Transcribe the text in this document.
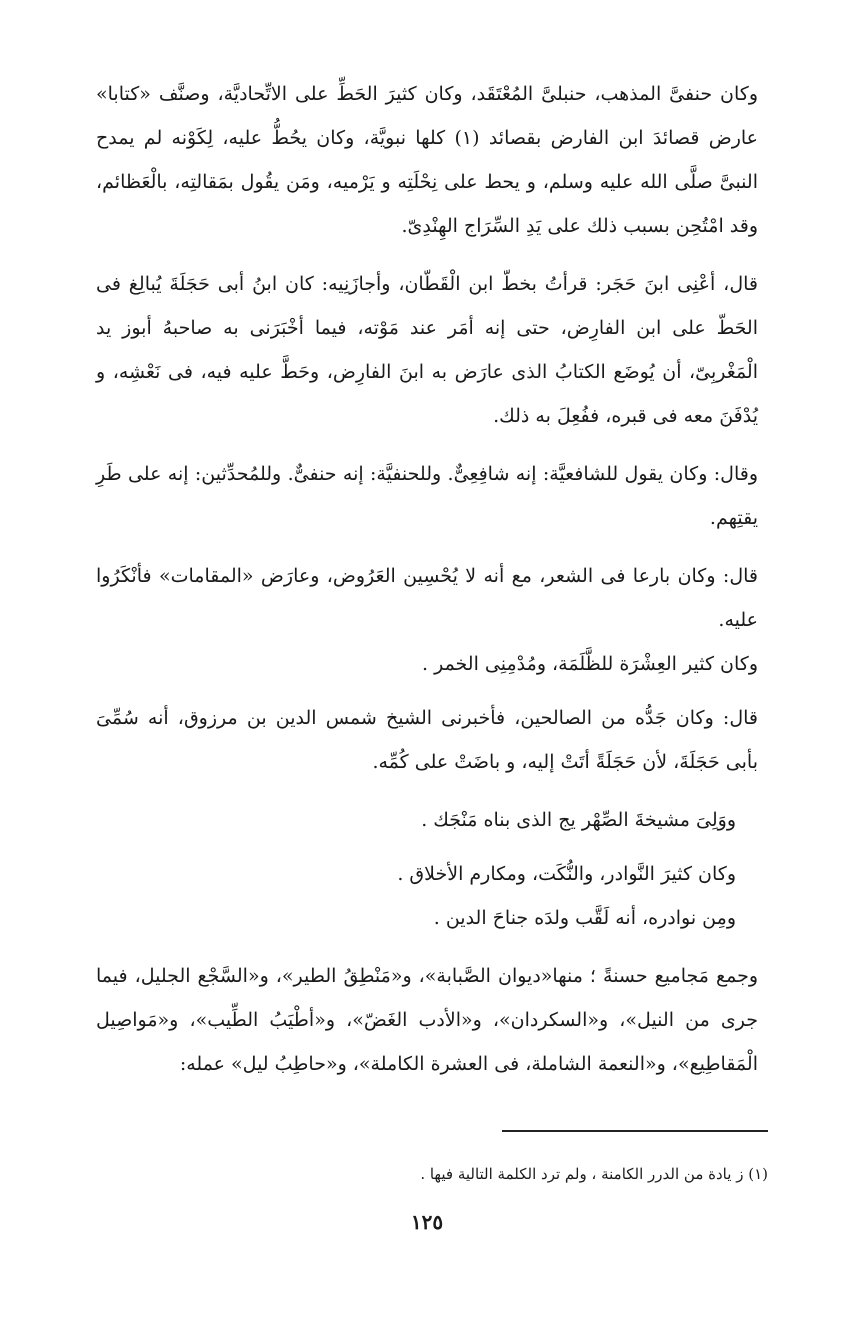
وكان حنفىَّ المذهب، حنبلىَّ المُعْتَقَد، وكان كثيرَ الحَطِّ على الاتِّحاديَّة، وصنَّف «كتابا» عارض قصائدَ ابن الفارض بقصائد (١) كلها نبويَّة، وكان يحُطُّ عليه، لِكَوْنه لم يمدح النبىَّ صلَّى الله عليه وسلم، و يحط على نِحْلَتِه و يَرْميه، ومَن يقُول بمَقالتِه، بالْعَظائم، وقد امْتُحِن بسبب ذلك على يَدِ السِّرَاج الهِنْدِىّ.

قال، أعْنِى ابنَ حَجَر: قرأتُ بخطّ ابن الْقَطّان، وأجازَنِيه: كان ابنُ أبى حَجَلَةَ يُبالِغ فى الحَطّ على ابن الفارِض، حتى إنه أمَر عند مَوْته، فيما أخْبَرَنى به صاحبهُ أبوز يد الْمَغْربِىّ، أن يُوضَع الكتابُ الذى عارَض به ابنَ الفارِض، وحَطَّ عليه فيه، فى نَعْشِه، و يُدْفَنَ معه فى قبره، ففُعِلَ به ذلك.

وقال: وكان يقول للشافعيَّة: إنه شافِعِىٌّ. وللحنفيَّة: إنه حنفىٌّ. وللمُحدِّثين: إنه على طَرِ يقتِهم.

قال: وكان بارعا فى الشعر، مع أنه لا يُحْسِين العَرُوض، وعارَض «المقامات» فأنْكَرُوا عليه.

وكان كثير العِشْرَة للظَّلَمَة، ومُدْمِنِى الخمر .

قال: وكان جَدُّه من الصالحين، فأخبرنى الشيخ شمس الدين بن مرزوق، أنه سُمِّىَ بأبى حَجَلَةَ، لأن حَجَلَةً أتَتْ إليه، و باضَتْ على كُمِّه.

ووَلِىَ مشيخةَ الصِّهْر يج الذى بناه مَنْجَك .

وكان كثيرَ النَّوادر، والنُّكَت، ومكارم الأخلاق .

ومِن نوادره، أنه لَقَّب ولدَه جناحَ الدين .

وجمع مَجاميع حسنةً ؛ منها«ديوان الصَّبابة»، و«مَنْطِقُ الطير»، و«السَّجْع الجليل، فيما جرى من النيل»، و«السكردان»، و«الأدب الغَضّ»، و«أطْيَبُ الطِّيب»، و«مَواصِيل الْمَقاطِيع»، و«النعمة الشاملة، فى العشرة الكاملة»، و«حاطِبُ ليل» عمله:

(١) ز يادة من الدرر الكامنة ، ولم ترد الكلمة التالية فيها .
١٢٥
